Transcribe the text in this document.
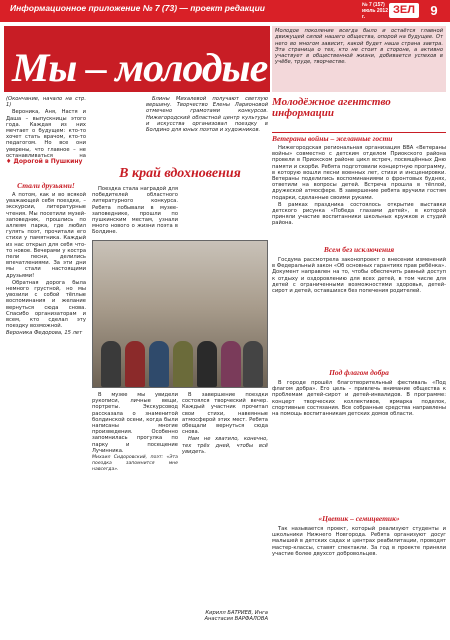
Информационное приложение № 7 (73) — проект редакции	№ 7 (157) июль 2012 г.
ЗЕЛ	9
Мы – молодые
Молодое поколение всегда было и остаётся главной движущей силой нашего общества, опорой на будущее. От него во многом зависит, какой будет наша страна завтра. Эта страница о тех, кто не стоит в стороне, а активно участвует в общественной жизни, добивается успехов в учёбе, труде, творчестве.
Молодёжное агентство информации
Ветераны войны – желанные гости

Нижегородская региональная организация ВВА «Ветераны войны» совместно с детским отделом Приокского района провели в Приокском районе цикл встреч, посвящённых Дню памяти и скорби. Ребята подготовили концертную программу, в которую вошли песни военных лет, стихи и инсценировки. Ветераны поделились воспоминаниями о фронтовых буднях, ответили на вопросы детей. Встреча прошла в тёплой, дружеской атмосфере. В завершение ребята вручили гостям подарки, сделанные своими руками.

В рамках праздника состоялось открытие выставки детского рисунка «Победа глазами детей», в которой приняли участие воспитанники школьных кружков и студий района.

Всем без исключения

Госдума рассмотрела законопроект о внесении изменений в Федеральный закон «Об основных гарантиях прав ребёнка». Документ направлен на то, чтобы обеспечить равный доступ к отдыху и оздоровлению для всех детей, в том числе для детей с ограниченными возможностями здоровья, детей-сирот и детей, оставшихся без попечения родителей.

Под флагом добра

В городе прошёл благотворительный фестиваль «Под флагом добра». Его цель – привлечь внимание общества к проблемам детей-сирот и детей-инвалидов. В программе: концерт творческих коллективов, ярмарка поделок, спортивные состязания. Все собранные средства направлены на помощь воспитанникам детских домов области.

«Цветик – семицветик»

Так называется проект, который реализуют студенты и школьники Нижнего Новгорода. Ребята организуют досуг малышей в детских садах и центрах реабилитации, проводят мастер-классы, ставят спектакли. За год в проекте приняли участие более двухсот добровольцев.

(Окончание, начало на стр. 1)

Вероника, Аня, Настя и Даша – выпускницы этого года. Каждая из них мечтает о будущем: кто-то хочет стать врачом, кто-то педагогом. Но все они уверены, что главное – не останавливаться на

♦ Дорогой в Пушкину
Стали друзьями!

А потом, как и во всякой уважающей себя поездке, – экскурсии, литературные чтения. Мы посетили музей-заповедник, прошлись по аллеям парка, где любил гулять поэт, прочитали его стихи у памятника. Каждый из нас открыл для себя что-то новое. Вечерами у костра пели песни, делились впечатлениями. За эти дни мы стали настоящими друзьями!

Обратная дорога была немного грустной, но мы увозили с собой тёплые воспоминания и желание вернуться сюда снова. Спасибо организаторам и всем, кто сделал эту поездку возможной.

Вероника Федорова, 15 лет

Блины Михалевой получают светлую вершину. Творчество Елены Ларионовой отмечено грамотами конкурсов. Нижегородский областной центр культуры и искусства организовал поездку в Болдино для юных поэтов и художников.

В край вдохновения

Поездка стала наградой для победителей областного литературного конкурса. Ребята побывали в музее-заповеднике, прошли по пушкинским местам, узнали много нового о жизни поэта в Болдине.

В музее мы увидели рукописи, личные вещи, портреты. Экскурсовод рассказала о знаменитой болдинской осени, когда были написаны многие произведения. Особенно запомнилась прогулка по парку и посещение Лучинника.

Михаил Сидоровский, поэт: «Эта поездка запомнится мне навсегда».

В завершение поездки состоялся творческий вечер. Каждый участник прочитал свои стихи, навеянные атмосферой этих мест. Ребята обещали вернуться сюда снова.

Нам не хватило, конечно, тех трёх дней, чтобы всё увидеть.

Кирилл БАТРИЕВ, Инга Анастасия ВАРФАЛОВА
